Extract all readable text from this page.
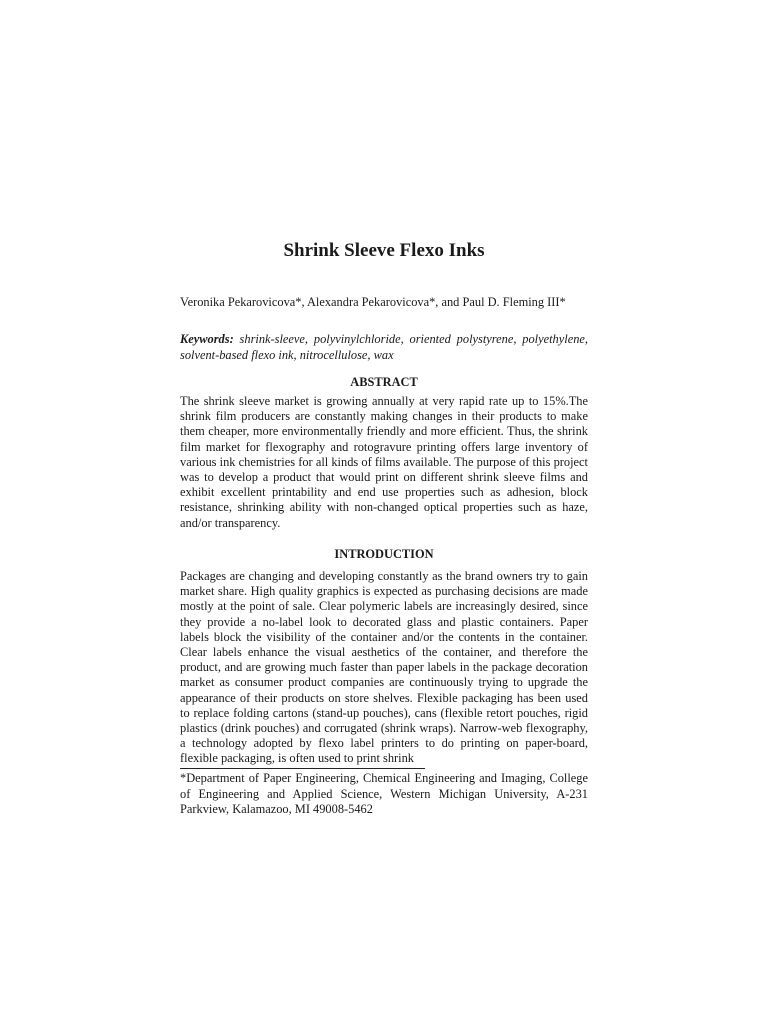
Shrink Sleeve Flexo Inks

Veronika Pekarovicova*, Alexandra Pekarovicova*, and Paul D. Fleming III*

Keywords: shrink-sleeve, polyvinylchloride, oriented polystyrene, polyethylene, solvent-based flexo ink, nitrocellulose, wax

ABSTRACT

The shrink sleeve market is growing annually at very rapid rate up to 15%.The shrink film producers are constantly making changes in their products to make them cheaper, more environmentally friendly and more efficient. Thus, the shrink film market for flexography and rotogravure printing offers large inventory of various ink chemistries for all kinds of films available. The purpose of this project was to develop a product that would print on different shrink sleeve films and exhibit excellent printability and end use properties such as adhesion, block resistance, shrinking ability with non-changed optical properties such as haze, and/or transparency.

INTRODUCTION

Packages are changing and developing constantly as the brand owners try to gain market share. High quality graphics is expected as purchasing decisions are made mostly at the point of sale. Clear polymeric labels are increasingly desired, since they provide a no-label look to decorated glass and plastic containers. Paper labels block the visibility of the container and/or the contents in the container. Clear labels enhance the visual aesthetics of the container, and therefore the product, and are growing much faster than paper labels in the package decoration market as consumer product companies are continuously trying to upgrade the appearance of their products on store shelves. Flexible packaging has been used to replace folding cartons (stand-up pouches), cans (flexible retort pouches, rigid plastics (drink pouches) and corrugated (shrink wraps). Narrow-web flexography, a technology adopted by flexo label printers to do printing on paper-board, flexible packaging, is often used to print shrink

*Department of Paper Engineering, Chemical Engineering and Imaging, College of Engineering and Applied Science, Western Michigan University, A-231 Parkview, Kalamazoo, MI 49008-5462
